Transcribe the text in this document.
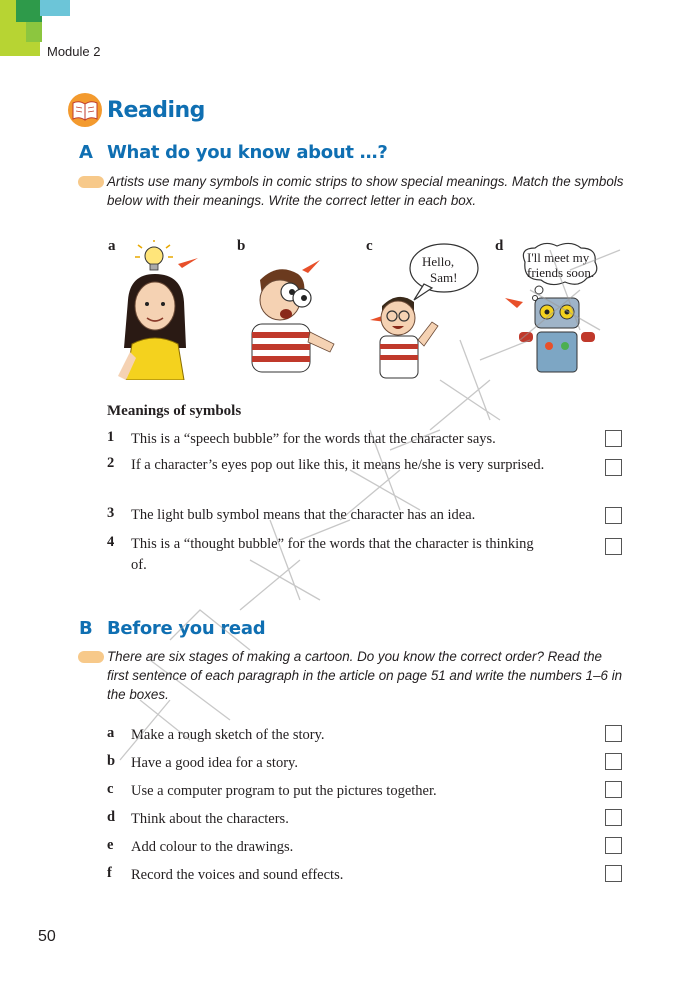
Module 2
Reading
A What do you know about …?
Artists use many symbols in comic strips to show special meanings. Match the symbols below with their meanings. Write the correct letter in each box.
a	b	c
Hello,
Sam!
d
I'll meet my
friends soon.
Meanings of symbols
1 This is a “speech bubble” for the words that the character says.
2 If a character’s eyes pop out like this, it means he/she is very surprised.
3 The light bulb symbol means that the character has an idea.
4 This is a “thought bubble” for the words that the character is thinking of.
B Before you read
There are six stages of making a cartoon. Do you know the correct order? Read the first sentence of each paragraph in the article on page 51 and write the numbers 1–6 in the boxes.
a Make a rough sketch of the story.
b Have a good idea for a story.
c Use a computer program to put the pictures together.
d Think about the characters.
e Add colour to the drawings.
f Record the voices and sound effects.
50
